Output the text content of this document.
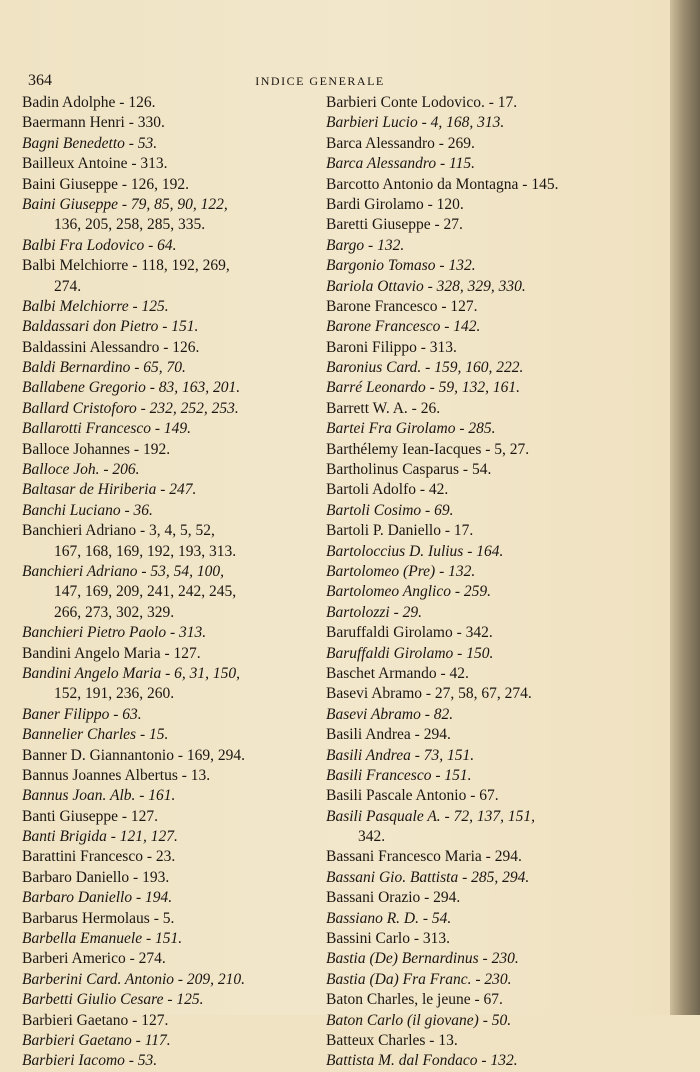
364	INDICE GENERALE
Badin Adolphe - 126.
Baermann Henri - 330.
Bagni Benedetto - 53.
Bailleux Antoine - 313.
Baini Giuseppe - 126, 192.
Baini Giuseppe - 79, 85, 90, 122,
136, 205, 258, 285, 335.
Balbi Fra Lodovico - 64.
Balbi Melchiorre - 118, 192, 269,
274.
Balbi Melchiorre - 125.
Baldassari don Pietro - 151.
Baldassini Alessandro - 126.
Baldi Bernardino - 65, 70.
Ballabene Gregorio - 83, 163, 201.
Ballard Cristoforo - 232, 252, 253.
Ballarotti Francesco - 149.
Balloce Johannes - 192.
Balloce Joh. - 206.
Baltasar de Hiriberia - 247.
Banchi Luciano - 36.
Banchieri Adriano - 3, 4, 5, 52,
167, 168, 169, 192, 193, 313.
Banchieri Adriano - 53, 54, 100,
147, 169, 209, 241, 242, 245,
266, 273, 302, 329.
Banchieri Pietro Paolo - 313.
Bandini Angelo Maria - 127.
Bandini Angelo Maria - 6, 31, 150,
152, 191, 236, 260.
Baner Filippo - 63.
Bannelier Charles - 15.
Banner D. Giannantonio - 169, 294.
Bannus Joannes Albertus - 13.
Bannus Joan. Alb. - 161.
Banti Giuseppe - 127.
Banti Brigida - 121, 127.
Barattini Francesco - 23.
Barbaro Daniello - 193.
Barbaro Daniello - 194.
Barbarus Hermolaus - 5.
Barbella Emanuele - 151.
Barberi Americo - 274.
Barberini Card. Antonio - 209, 210.
Barbetti Giulio Cesare - 125.
Barbieri Gaetano - 127.
Barbieri Gaetano - 117.
Barbieri Iacomo - 53.
Barbieri Conte Lodovico. - 17.
Barbieri Lucio - 4, 168, 313.
Barca Alessandro - 269.
Barca Alessandro - 115.
Barcotto Antonio da Montagna - 145.
Bardi Girolamo - 120.
Baretti Giuseppe - 27.
Bargo - 132.
Bargonio Tomaso - 132.
Bariola Ottavio - 328, 329, 330.
Barone Francesco - 127.
Barone Francesco - 142.
Baroni Filippo - 313.
Baronius Card. - 159, 160, 222.
Barré Leonardo - 59, 132, 161.
Barrett W. A. - 26.
Bartei Fra Girolamo - 285.
Barthélemy Iean-Iacques - 5, 27.
Bartholinus Casparus - 54.
Bartoli Adolfo - 42.
Bartoli Cosimo - 69.
Bartoli P. Daniello - 17.
Bartoloccius D. Iulius - 164.
Bartolomeo (Pre) - 132.
Bartolomeo Anglico - 259.
Bartolozzi - 29.
Baruffaldi Girolamo - 342.
Baruffaldi Girolamo - 150.
Baschet Armando - 42.
Basevi Abramo - 27, 58, 67, 274.
Basevi Abramo - 82.
Basili Andrea - 294.
Basili Andrea - 73, 151.
Basili Francesco - 151.
Basili Pascale Antonio - 67.
Basili Pasquale A. - 72, 137, 151,
342.
Bassani Francesco Maria - 294.
Bassani Gio. Battista - 285, 294.
Bassani Orazio - 294.
Bassiano R. D. - 54.
Bassini Carlo - 313.
Bastia (De) Bernardinus - 230.
Bastia (Da) Fra Franc. - 230.
Baton Charles, le jeune - 67.
Baton Carlo (il giovane) - 50.
Batteux Charles - 13.
Battista M. dal Fondaco - 132.
